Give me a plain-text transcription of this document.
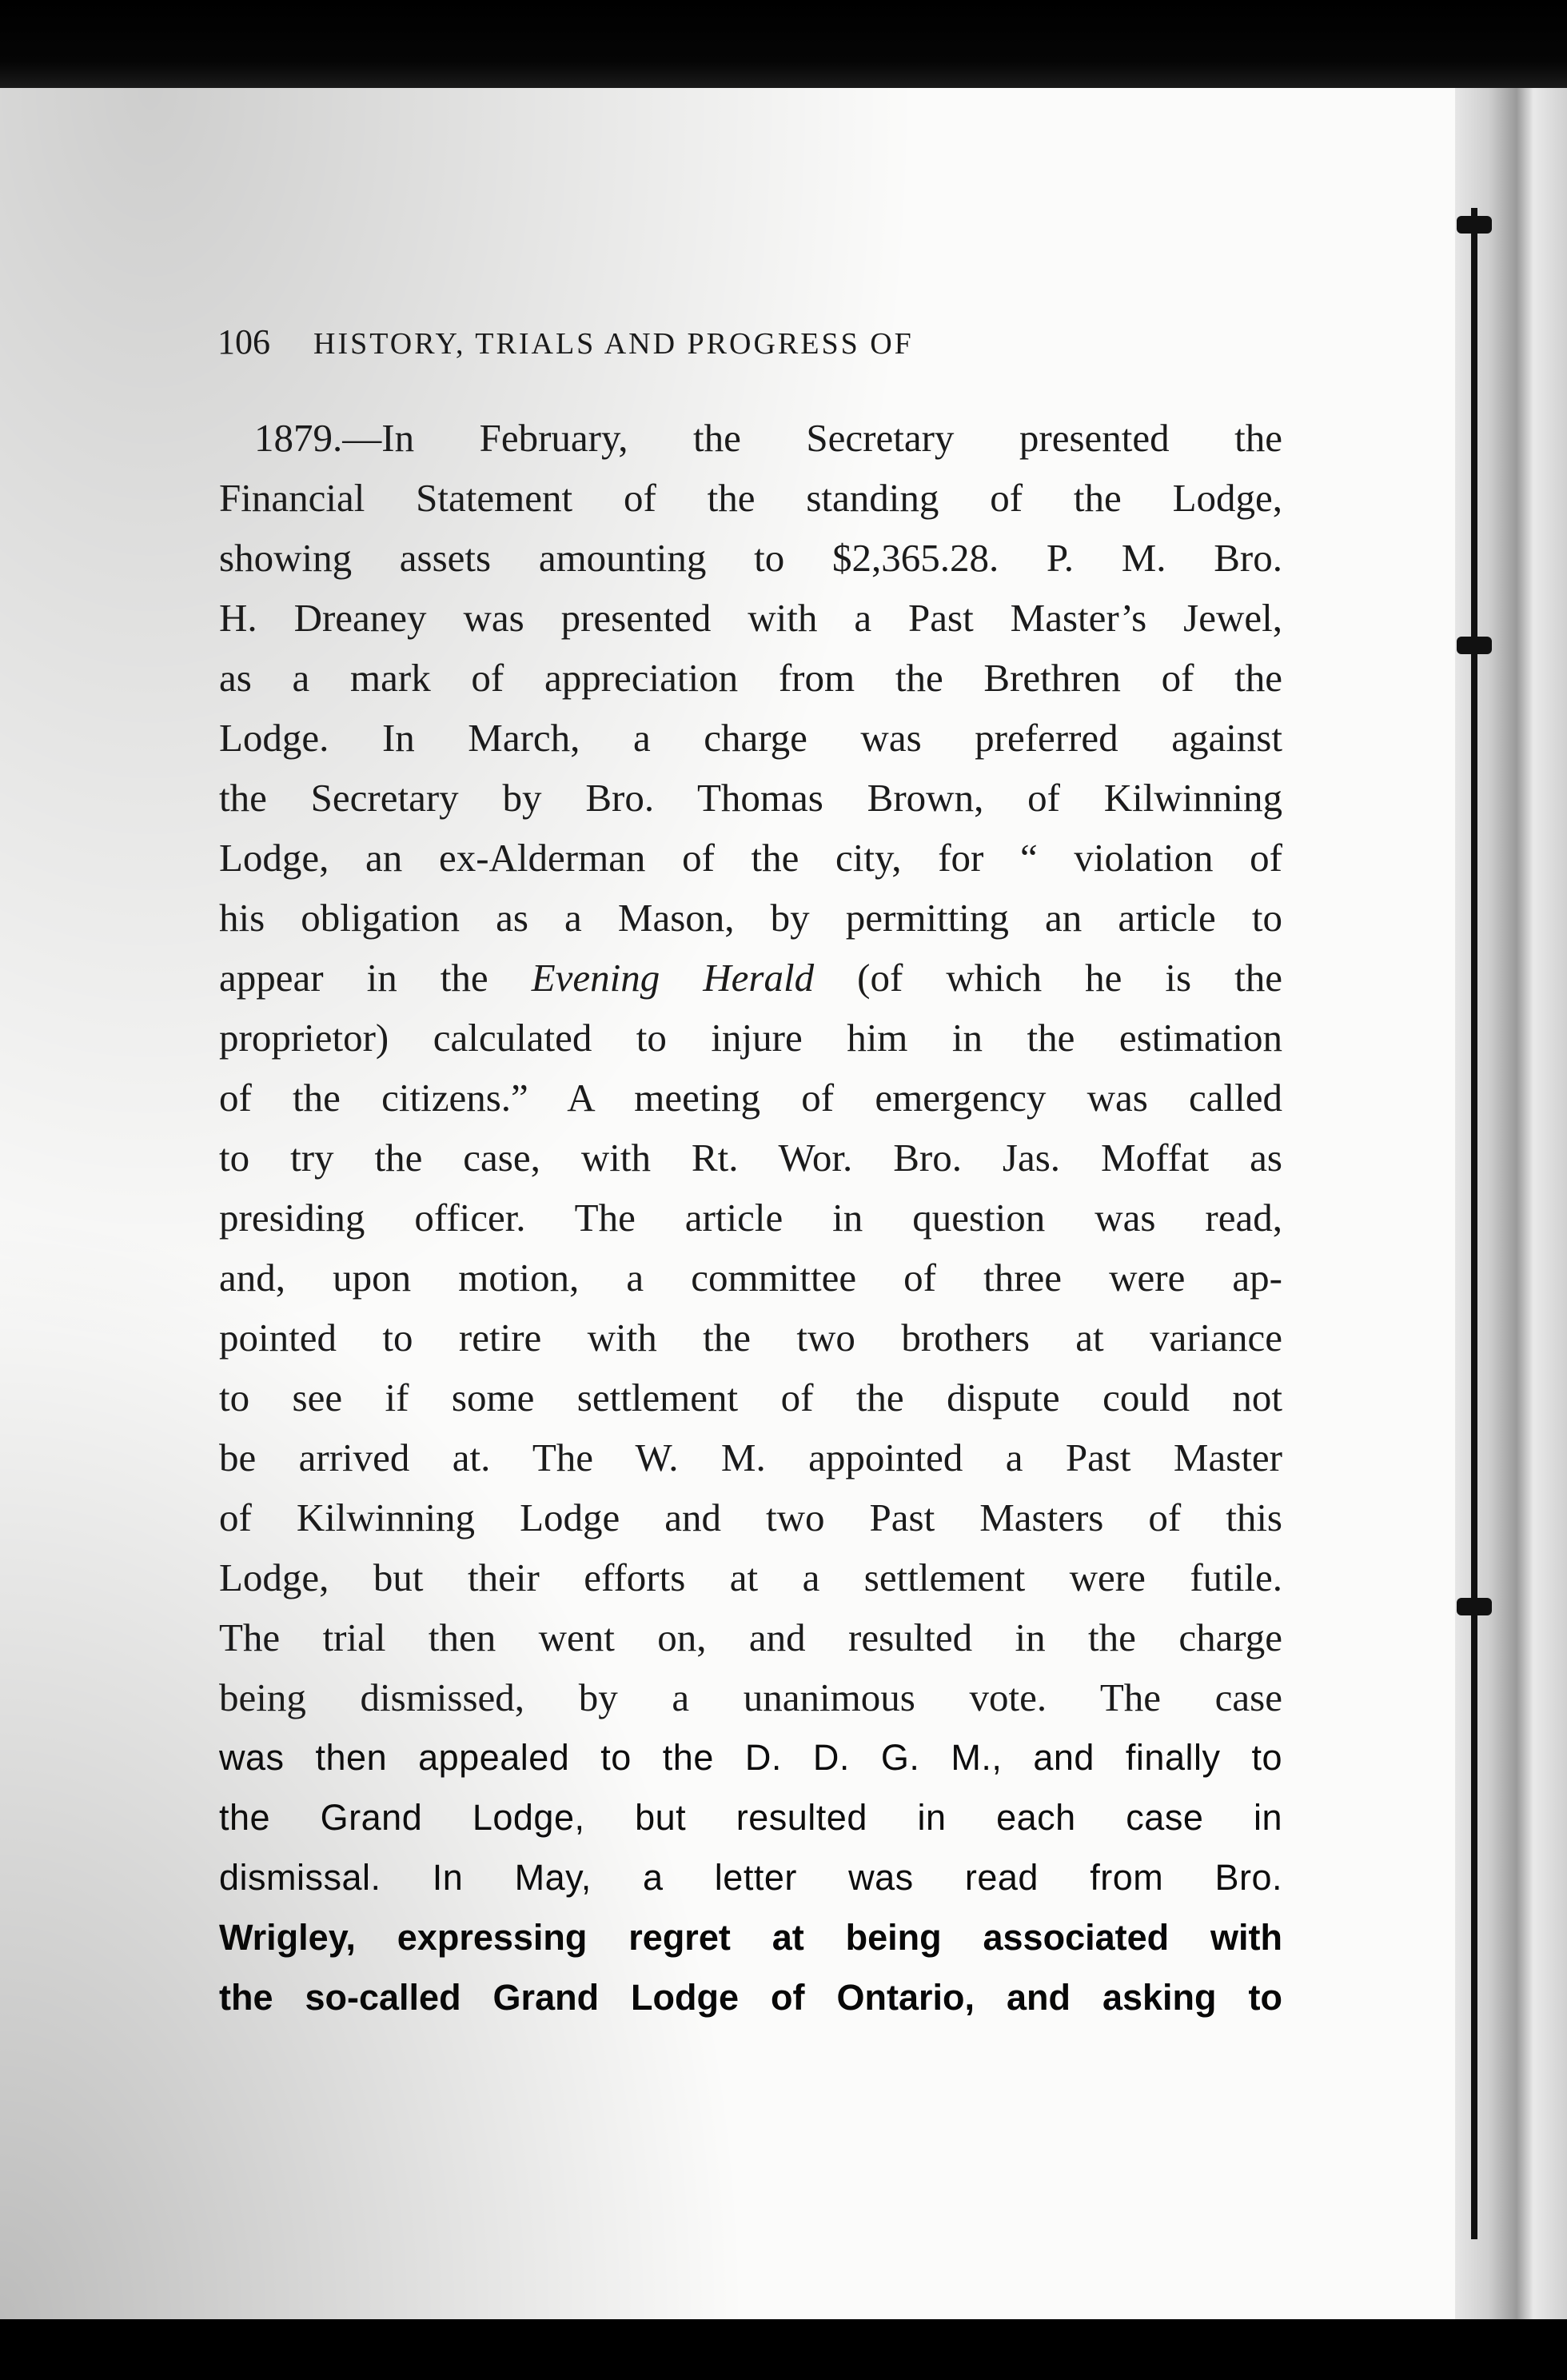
106 HISTORY, TRIALS AND PROGRESS OF
1879.—In February, the Secretary presented the
Financial Statement of the standing of the Lodge,
showing assets amounting to $2,365.28. P. M. Bro.
H. Dreaney was presented with a Past Master’s Jewel,
as a mark of appreciation from the Brethren of the
Lodge. In March, a charge was preferred against
the Secretary by Bro. Thomas Brown, of Kilwinning
Lodge, an ex-Alderman of the city, for “ violation of
his obligation as a Mason, by permitting an article to
appear in the Evening Herald (of which he is the
proprietor) calculated to injure him in the estimation
of the citizens.” A meeting of emergency was called
to try the case, with Rt. Wor. Bro. Jas. Moffat as
presiding officer. The article in question was read,
and, upon motion, a committee of three were ap-
pointed to retire with the two brothers at variance
to see if some settlement of the dispute could not
be arrived at. The W. M. appointed a Past Master
of Kilwinning Lodge and two Past Masters of this
Lodge, but their efforts at a settlement were futile.
The trial then went on, and resulted in the charge
being dismissed, by a unanimous vote. The case
was then appealed to the D. D. G. M., and finally to
the Grand Lodge, but resulted in each case in
dismissal. In May, a letter was read from Bro.
Wrigley, expressing regret at being associated with
the so-called Grand Lodge of Ontario, and asking to
